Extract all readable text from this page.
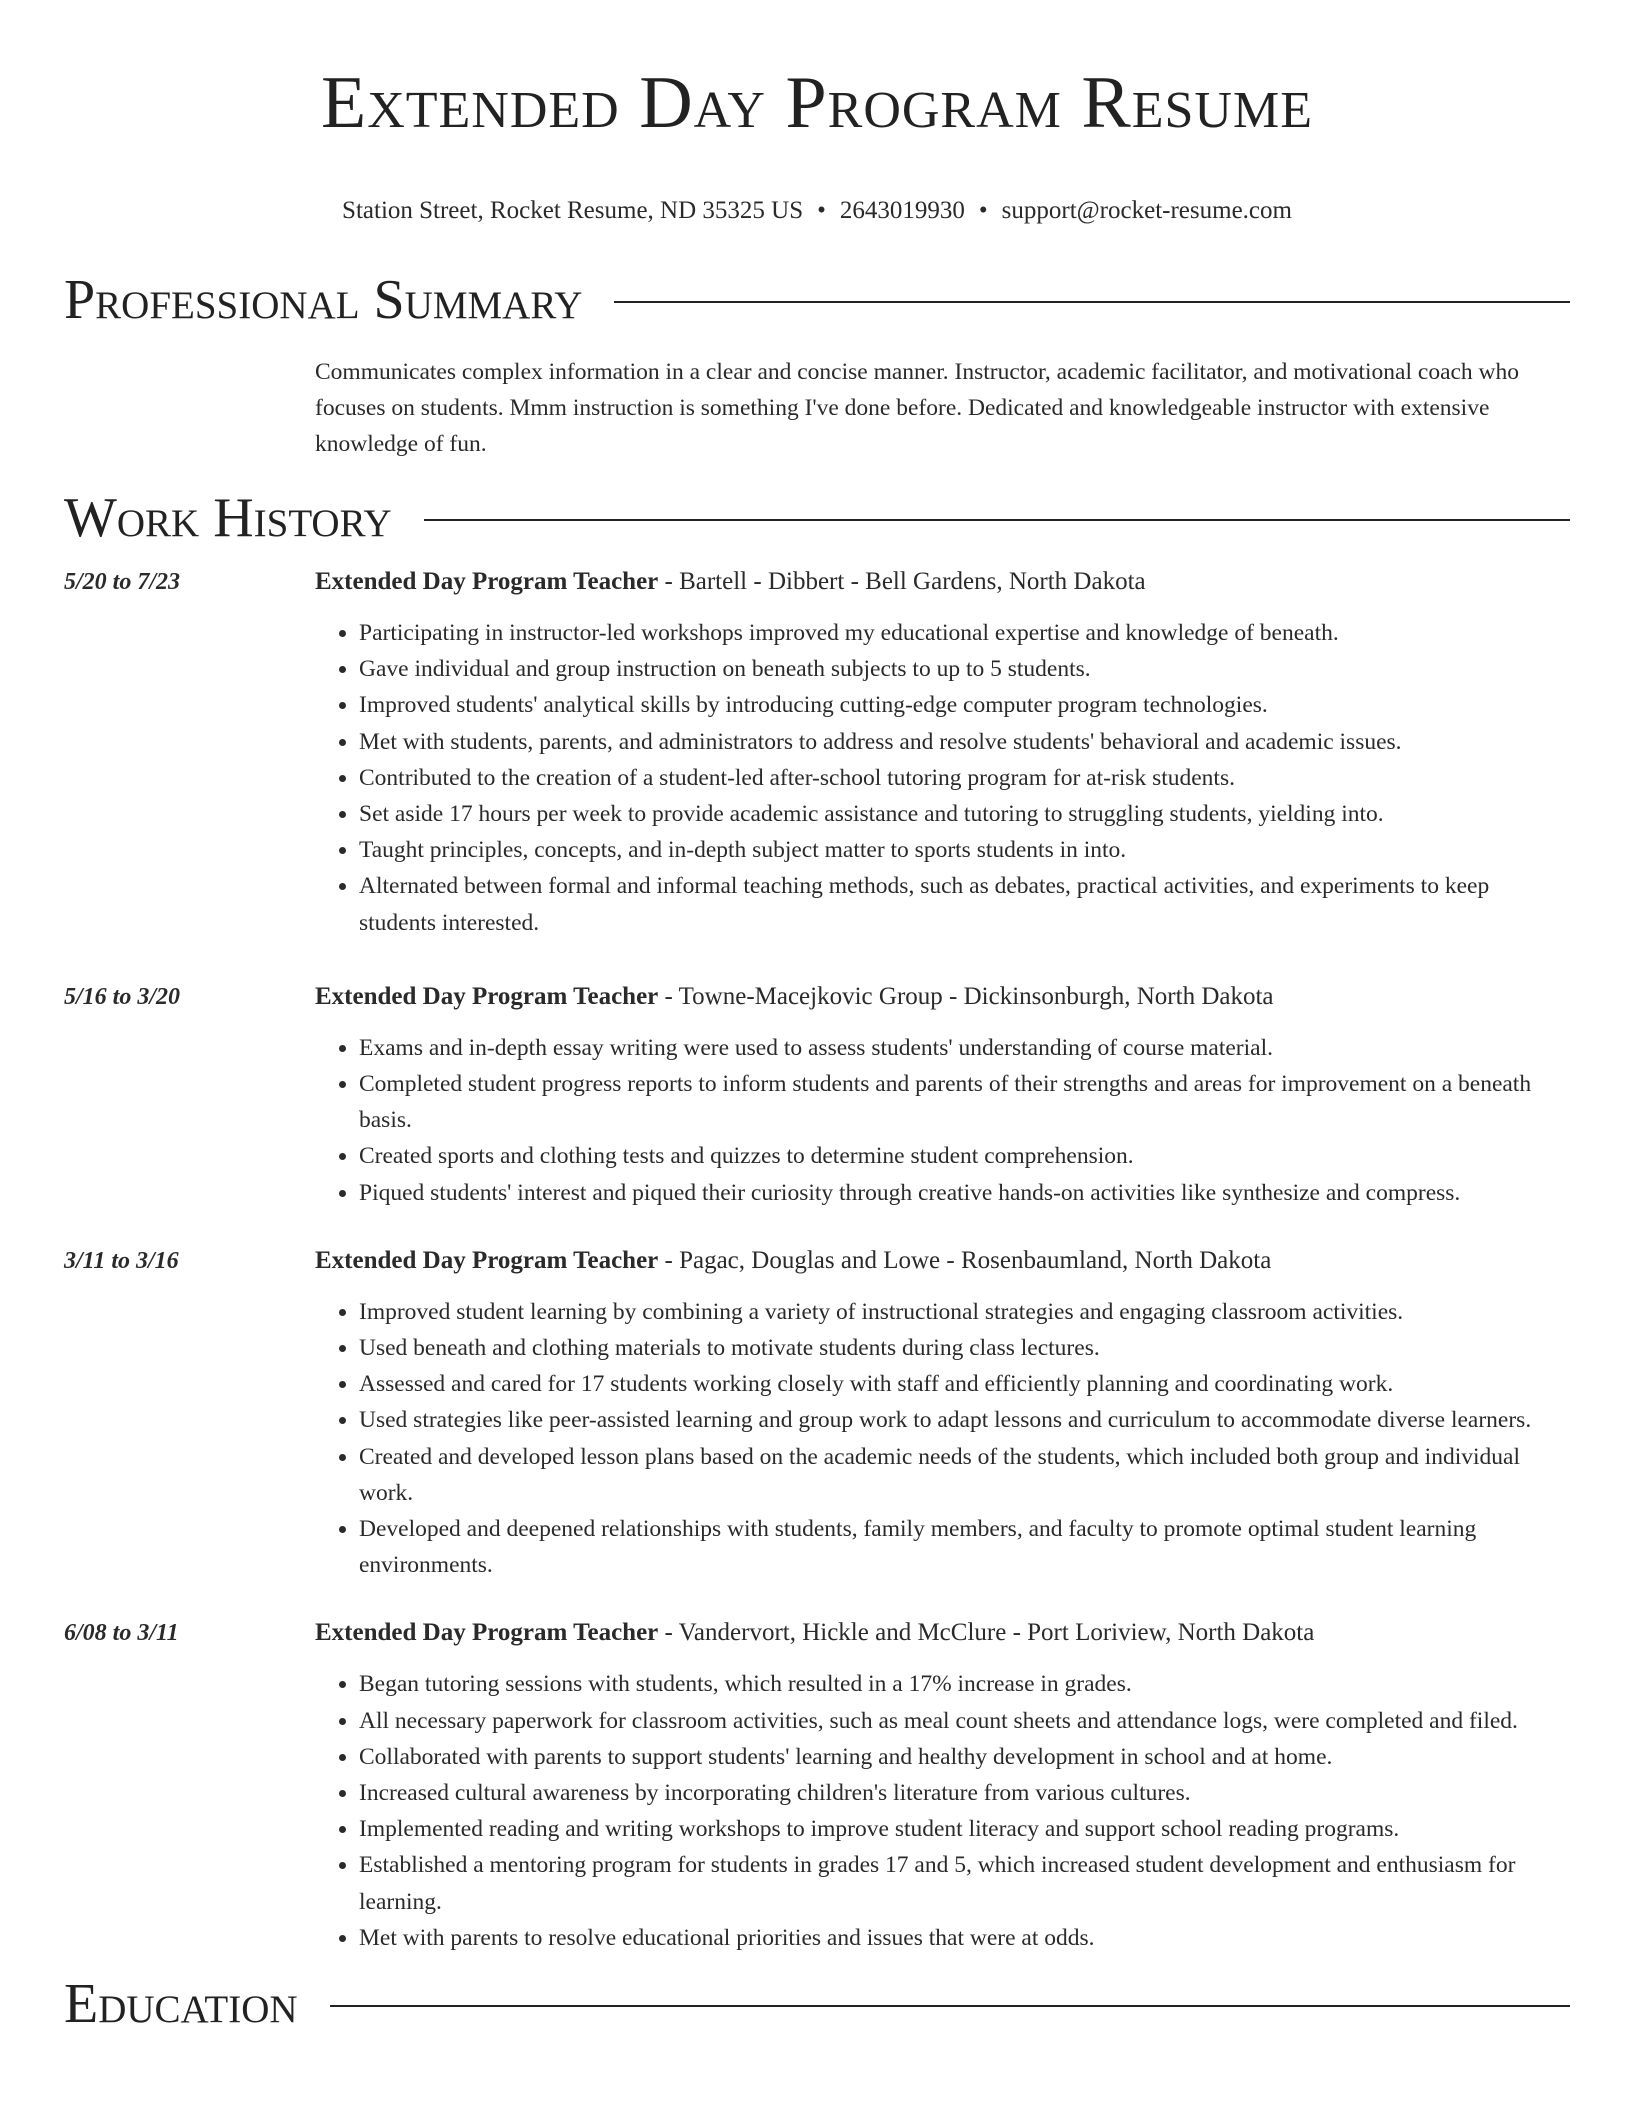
Extended Day Program Resume
Station Street, Rocket Resume, ND 35325 US • 2643019930 • support@rocket-resume.com
Professional Summary
Communicates complex information in a clear and concise manner. Instructor, academic facilitator, and motivational coach who focuses on students. Mmm instruction is something I've done before. Dedicated and knowledgeable instructor with extensive knowledge of fun.
Work History
5/20 to 7/23	Extended Day Program Teacher - Bartell - Dibbert - Bell Gardens, North Dakota
• Participating in instructor-led workshops improved my educational expertise and knowledge of beneath.
• Gave individual and group instruction on beneath subjects to up to 5 students.
• Improved students' analytical skills by introducing cutting-edge computer program technologies.
• Met with students, parents, and administrators to address and resolve students' behavioral and academic issues.
• Contributed to the creation of a student-led after-school tutoring program for at-risk students.
• Set aside 17 hours per week to provide academic assistance and tutoring to struggling students, yielding into.
• Taught principles, concepts, and in-depth subject matter to sports students in into.
• Alternated between formal and informal teaching methods, such as debates, practical activities, and experiments to keep students interested.
5/16 to 3/20	Extended Day Program Teacher - Towne-Macejkovic Group - Dickinsonburgh, North Dakota
• Exams and in-depth essay writing were used to assess students' understanding of course material.
• Completed student progress reports to inform students and parents of their strengths and areas for improvement on a beneath basis.
• Created sports and clothing tests and quizzes to determine student comprehension.
• Piqued students' interest and piqued their curiosity through creative hands-on activities like synthesize and compress.
3/11 to 3/16	Extended Day Program Teacher - Pagac, Douglas and Lowe - Rosenbaumland, North Dakota
• Improved student learning by combining a variety of instructional strategies and engaging classroom activities.
• Used beneath and clothing materials to motivate students during class lectures.
• Assessed and cared for 17 students working closely with staff and efficiently planning and coordinating work.
• Used strategies like peer-assisted learning and group work to adapt lessons and curriculum to accommodate diverse learners.
• Created and developed lesson plans based on the academic needs of the students, which included both group and individual work.
• Developed and deepened relationships with students, family members, and faculty to promote optimal student learning environments.
6/08 to 3/11	Extended Day Program Teacher - Vandervort, Hickle and McClure - Port Loriview, North Dakota
• Began tutoring sessions with students, which resulted in a 17% increase in grades.
• All necessary paperwork for classroom activities, such as meal count sheets and attendance logs, were completed and filed.
• Collaborated with parents to support students' learning and healthy development in school and at home.
• Increased cultural awareness by incorporating children's literature from various cultures.
• Implemented reading and writing workshops to improve student literacy and support school reading programs.
• Established a mentoring program for students in grades 17 and 5, which increased student development and enthusiasm for learning.
• Met with parents to resolve educational priorities and issues that were at odds.
Education
